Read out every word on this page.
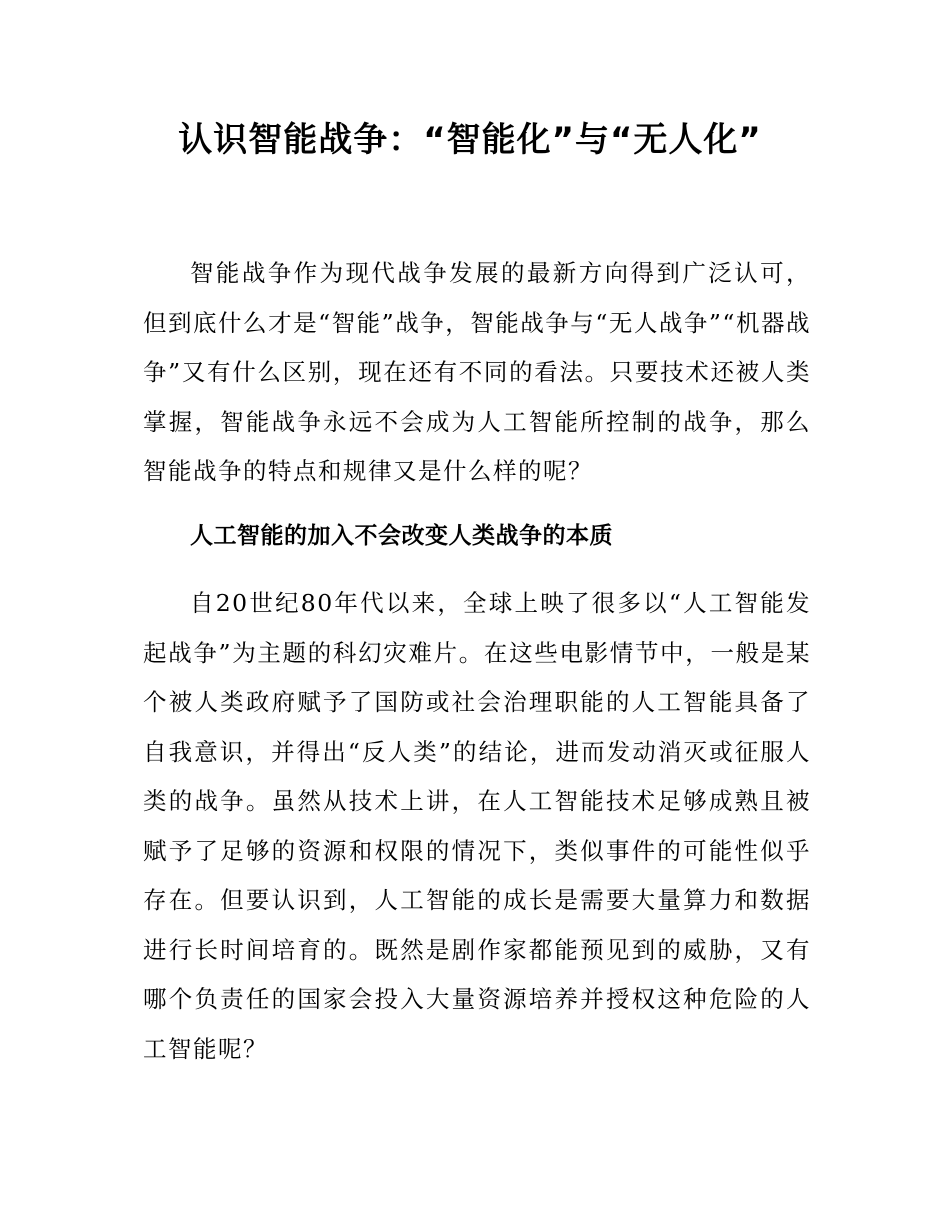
认识智能战争：“智能化”与“无人化”

智能战争作为现代战争发展的最新方向得到广泛认可，但到底什么才是“智能”战争，智能战争与“无人战争”“机器战争”又有什么区别，现在还有不同的看法。只要技术还被人类掌握，智能战争永远不会成为人工智能所控制的战争，那么智能战争的特点和规律又是什么样的呢？

人工智能的加入不会改变人类战争的本质

自20世纪80年代以来，全球上映了很多以“人工智能发起战争”为主题的科幻灾难片。在这些电影情节中，一般是某个被人类政府赋予了国防或社会治理职能的人工智能具备了自我意识，并得出“反人类”的结论，进而发动消灭或征服人类的战争。虽然从技术上讲，在人工智能技术足够成熟且被赋予了足够的资源和权限的情况下，类似事件的可能性似乎存在。但要认识到，人工智能的成长是需要大量算力和数据进行长时间培育的。既然是剧作家都能预见到的威胁，又有哪个负责任的国家会投入大量资源培养并授权这种危险的人工智能呢？
